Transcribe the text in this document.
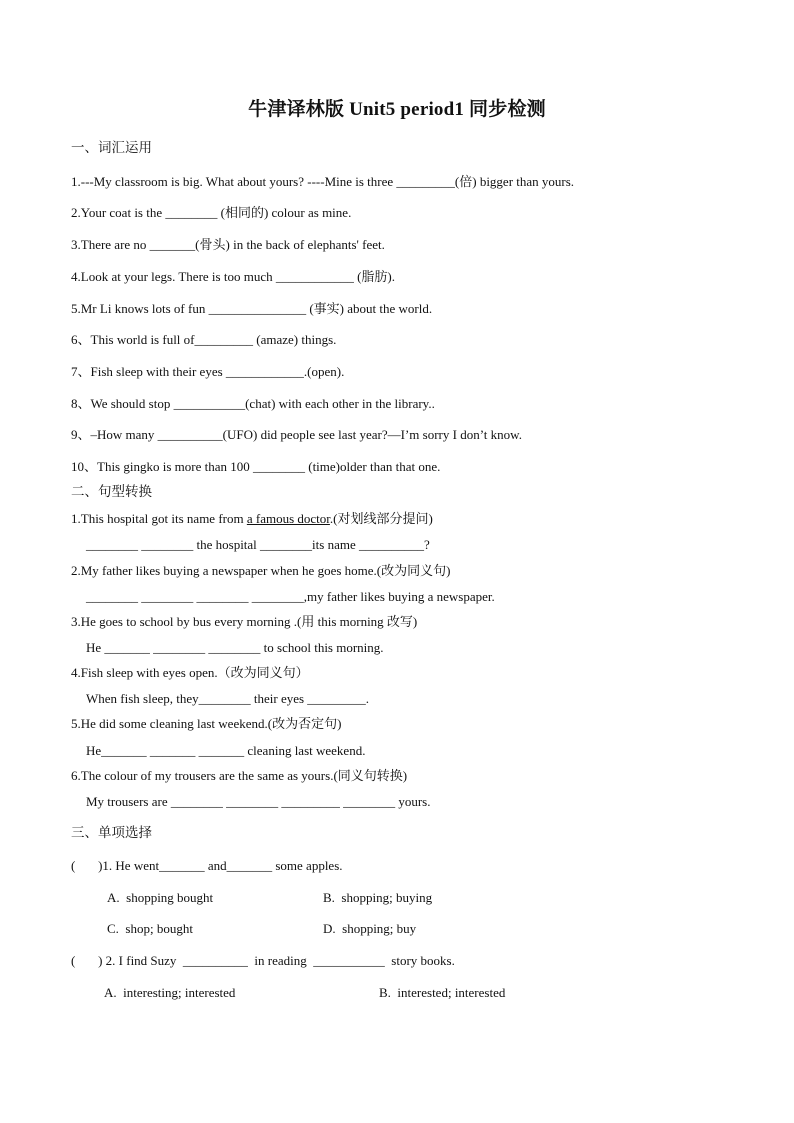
牛津译林版 Unit5 period1 同步检测
一、词汇运用
1.---My classroom is big. What about yours? ----Mine is three _________(倍) bigger than yours.
2.Your coat is the ________ (相同的) colour as mine.
3.There are no _______(骨头) in the back of elephants' feet.
4.Look at your legs. There is too much ____________ (脂肪).
5.Mr Li knows lots of fun _______________ (事实) about the world.
6、This world is full of_________ (amaze) things.
7、Fish sleep with their eyes ____________.(open).
8、We should stop ___________(chat) with each other in the library..
9、–How many __________(UFO) did people see last year?—I’m sorry I don’t know.
10、This gingko is more than 100 ________ (time)older than that one.
二、句型转换
1.This hospital got its name from a famous doctor.(对划线部分提问)
________ ________ the hospital ________its name __________?
2.My father likes buying a newspaper when he goes home.(改为同义句)
________ ________ ________ ________,my father likes buying a newspaper.
3.He goes to school by bus every morning .(用 this morning 改写)
He _______ ________ ________ to school this morning.
4.Fish sleep with eyes open.（改为同义句）
When fish sleep, they________ their eyes _________.
5.He did some cleaning last weekend.(改为否定句)
He_______ _______ _______ cleaning last weekend.
6.The colour of my trousers are the same as yours.(同义句转换)
My trousers are ________ ________ _________ ________ yours.
三、单项选择
(       )1. He went_______ and_______ some apples.
A.  shopping bought	B.  shopping; buying
C.  shop; bought	D.  shopping; buy
(       ) 2. I find Suzy  __________  in reading  ___________  story books.
A.  interesting; interested	B.  interested; interested
